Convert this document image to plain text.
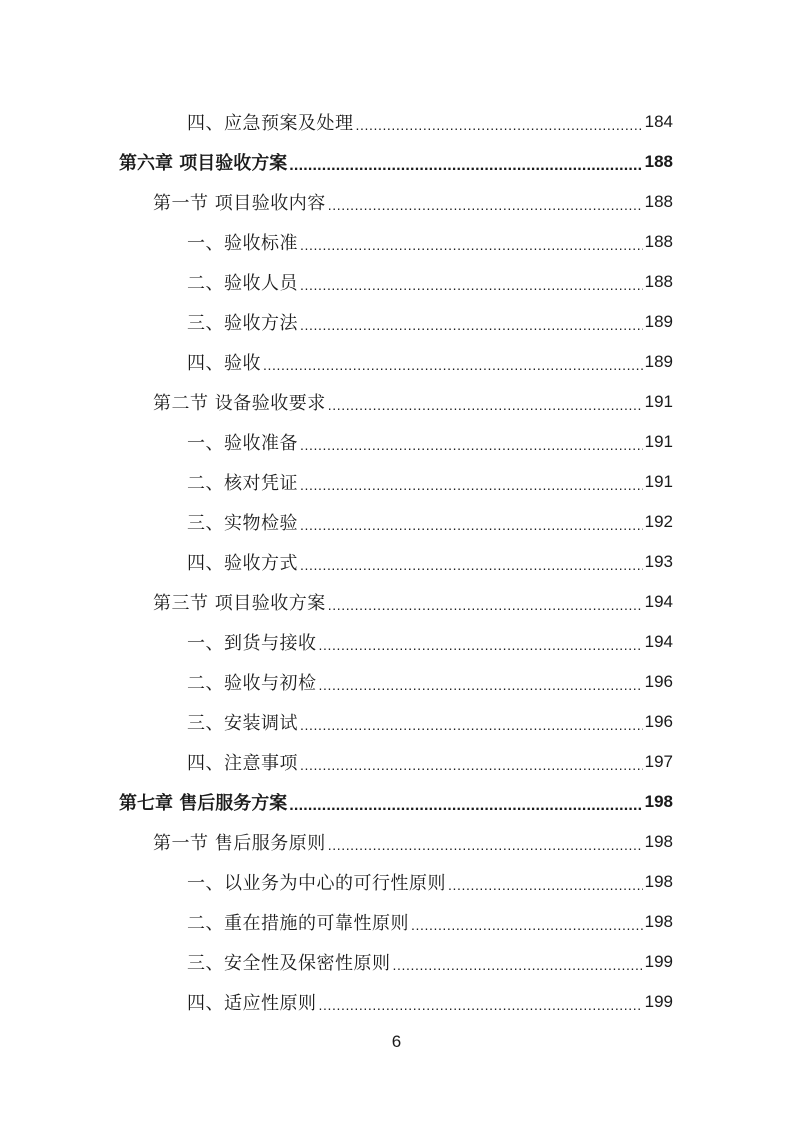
四、应急预案及处理 .....	184
第六章 项目验收方案 .....	188
第一节 项目验收内容 .....	188
一、验收标准 .....	188
二、验收人员 .....	188
三、验收方法 .....	189
四、验收 .....	189
第二节 设备验收要求 .....	191
一、验收准备 .....	191
二、核对凭证 .....	191
三、实物检验 .....	192
四、验收方式 .....	193
第三节 项目验收方案 .....	194
一、到货与接收 .....	194
二、验收与初检 .....	196
三、安装调试 .....	196
四、注意事项 .....	197
第七章 售后服务方案 .....	198
第一节 售后服务原则 .....	198
一、以业务为中心的可行性原则 .....	198
二、重在措施的可靠性原则 .....	198
三、安全性及保密性原则 .....	199
四、适应性原则 .....	199
6
